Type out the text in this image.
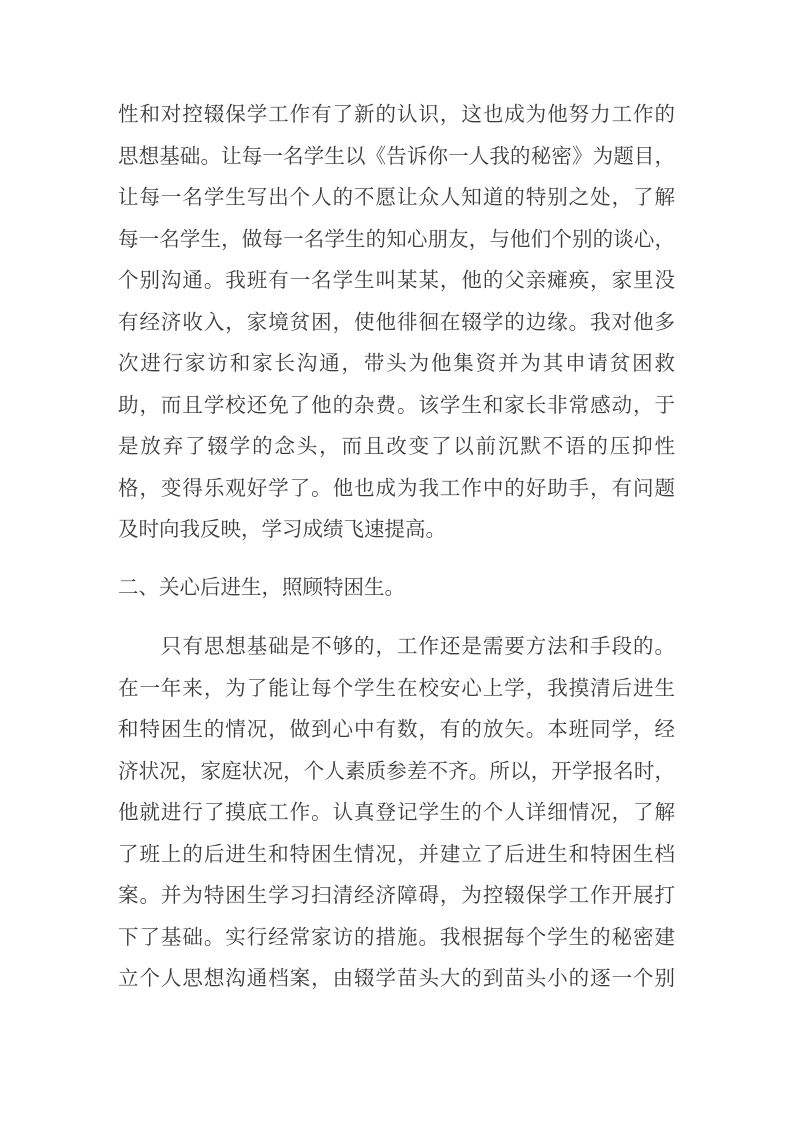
性和对控辍保学工作有了新的认识，这也成为他努力工作的
思想基础。让每一名学生以《告诉你一人我的秘密》为题目，
让每一名学生写出个人的不愿让众人知道的特别之处，了解
每一名学生，做每一名学生的知心朋友，与他们个别的谈心，
个别沟通。我班有一名学生叫某某，他的父亲瘫痪，家里没
有经济收入，家境贫困，使他徘徊在辍学的边缘。我对他多
次进行家访和家长沟通，带头为他集资并为其申请贫困救
助，而且学校还免了他的杂费。该学生和家长非常感动，于
是放弃了辍学的念头，而且改变了以前沉默不语的压抑性
格，变得乐观好学了。他也成为我工作中的好助手，有问题
及时向我反映，学习成绩飞速提高。
二、关心后进生，照顾特困生。
　　只有思想基础是不够的，工作还是需要方法和手段的。
在一年来，为了能让每个学生在校安心上学，我摸清后进生
和特困生的情况，做到心中有数，有的放矢。本班同学，经
济状况，家庭状况，个人素质参差不齐。所以，开学报名时，
他就进行了摸底工作。认真登记学生的个人详细情况，了解
了班上的后进生和特困生情况，并建立了后进生和特困生档
案。并为特困生学习扫清经济障碍，为控辍保学工作开展打
下了基础。实行经常家访的措施。我根据每个学生的秘密建
立个人思想沟通档案，由辍学苗头大的到苗头小的逐一个别
